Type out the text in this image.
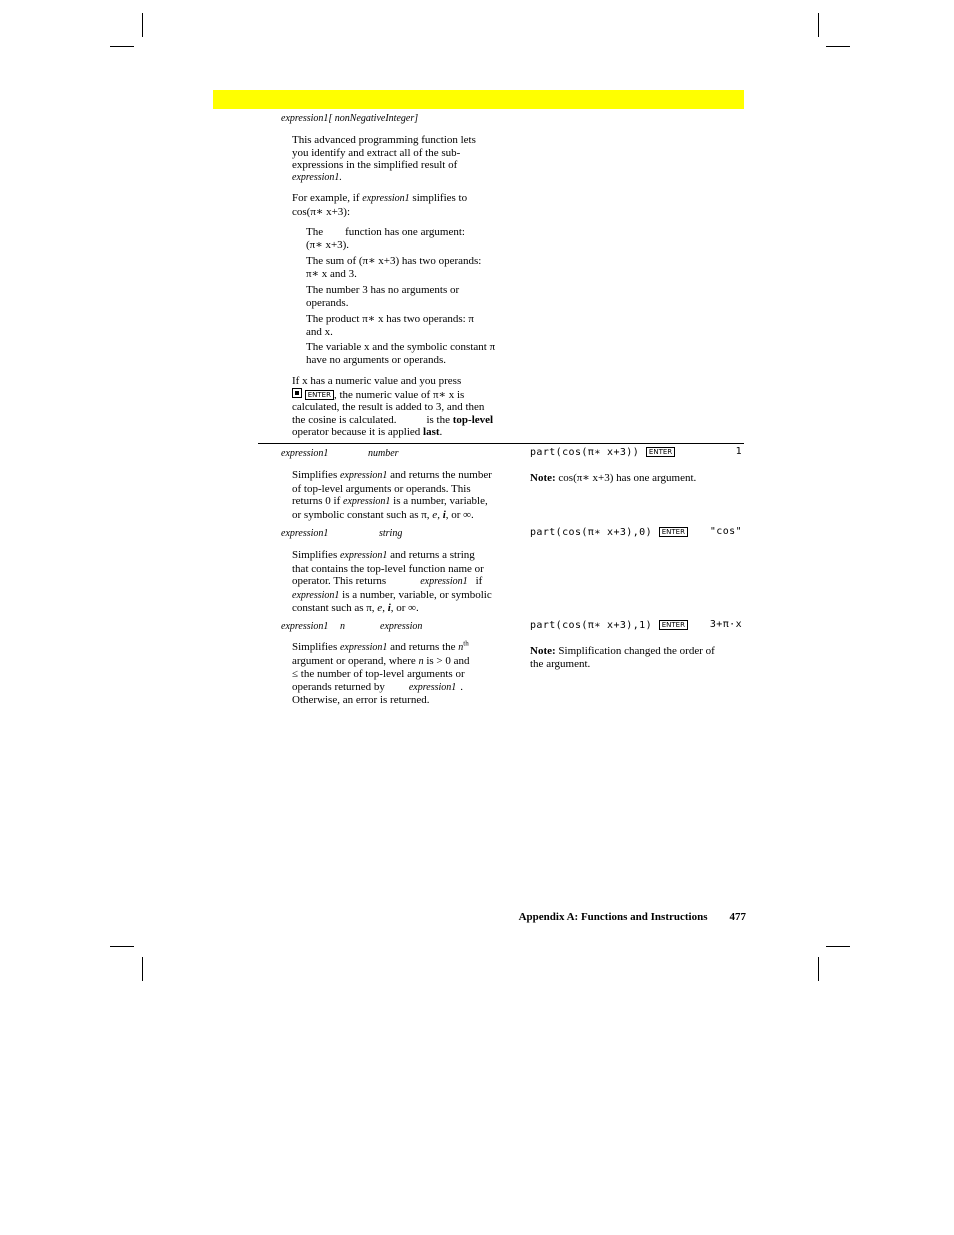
expression1[ nonNegativeInteger]
This advanced programming function lets
you identify and extract all of the sub-
expressions in the simplified result of
expression1.
For example, if expression1 simplifies to
cos(π∗ x+3):
The function has one argument:
(π∗ x+3).
The sum of (π∗ x+3) has two operands:
π∗ x and 3.
The number 3 has no arguments or
operands.
The product π∗ x has two operands: π
and x.
The variable x and the symbolic constant π
have no arguments or operands.
If x has a numeric value and you press
ENTER , the numeric value of π∗ x is
calculated, the result is added to 3, and then
the cosine is calculated.	is the top-level
operator because it is applied last.
expression1	number	part(cos(π∗ x+3)) ENTER	1
Simplifies expression1 and returns the number
of top-level arguments or operands. This
returns 0 if expression1 is a number, variable,
or symbolic constant such as π, e, i, or ∞.
Note: cos(π∗ x+3) has one argument.
expression1	string	part(cos(π∗ x+3),0) ENTER	"cos"
Simplifies expression1 and returns a string
that contains the top-level function name or
operator. This returns	expression1 if
expression1 is a number, variable, or symbolic
constant such as π, e, i, or ∞.
expression1 n	expression	part(cos(π∗ x+3),1) ENTER	3+π·x
Simplifies expression1 and returns the $n^{th}$
argument or operand, where n is > 0 and
≤ the number of top-level arguments or
operands returned by expression1 .
Otherwise, an error is returned.
Note: Simplification changed the order of
the argument.
Appendix A: Functions and Instructions 477
